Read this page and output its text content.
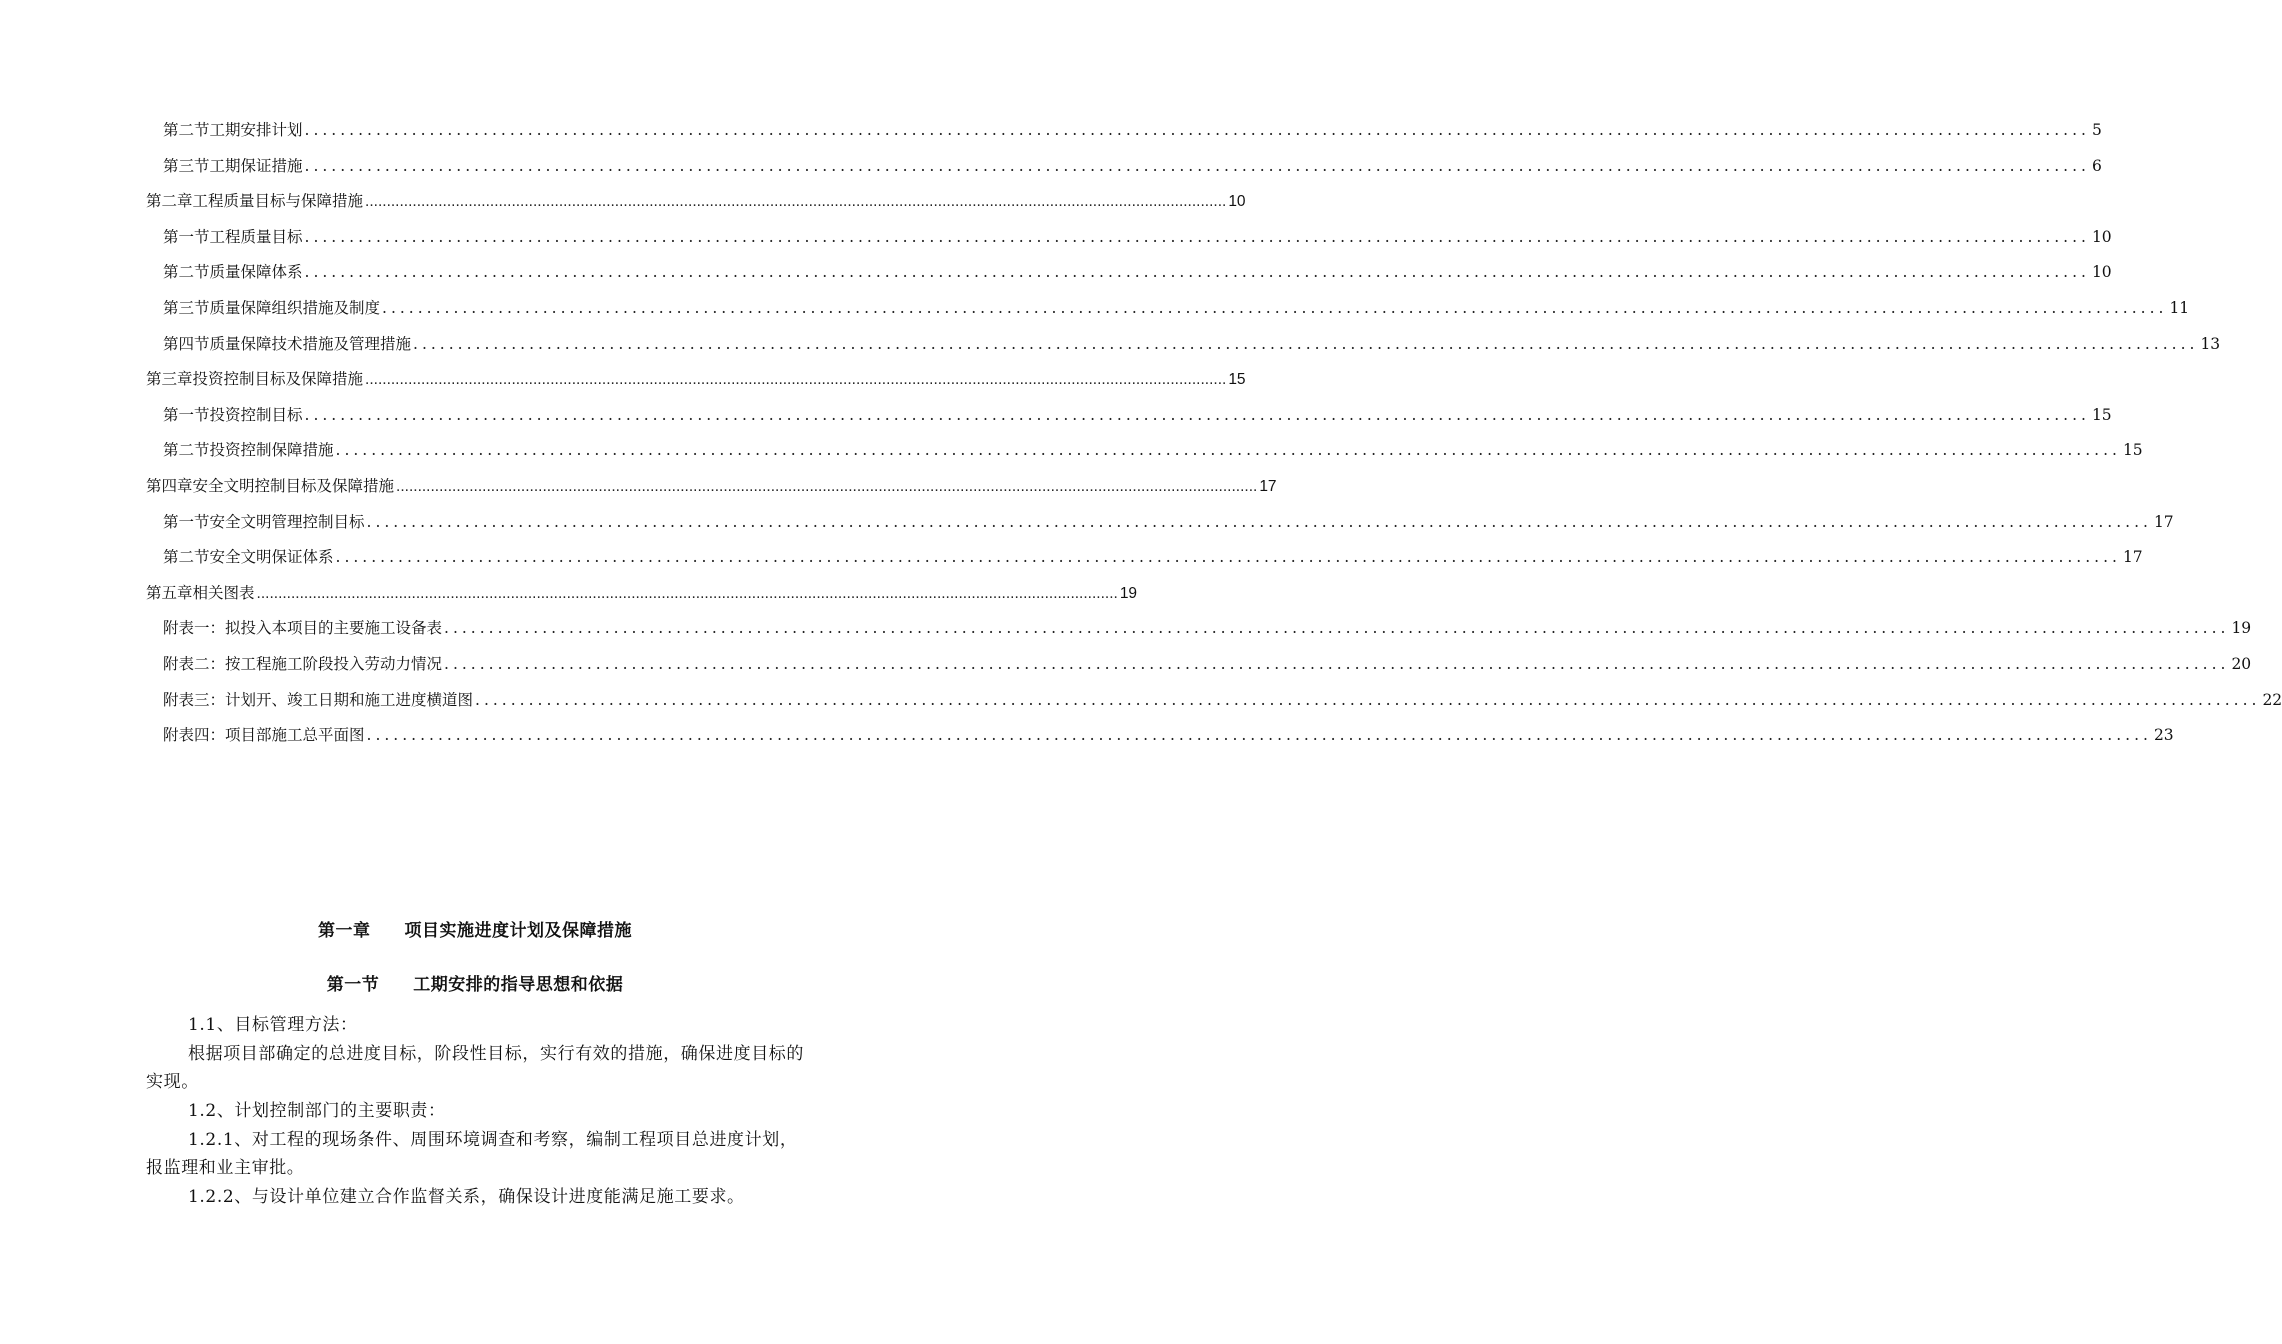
第二节 工期安排计划 ........................................................................................................................................................................................................ 5
第三节 工期保证措施 ........................................................................................................................................................................................................ 6
第二章 工程质量目标与保障措施 ........................................................................................................................................................................................................ 10
第一节 工程质量目标 ........................................................................................................................................................................................................ 10
第二节 质量保障体系 ........................................................................................................................................................................................................ 10
第三节 质量保障组织措施及制度 ........................................................................................................................................................................................................ 11
第四节 质量保障技术措施及管理措施 ........................................................................................................................................................................................................ 13
第三章 投资控制目标及保障措施 ........................................................................................................................................................................................................ 15
第一节 投资控制目标 ........................................................................................................................................................................................................ 15
第二节 投资控制保障措施 ........................................................................................................................................................................................................ 15
第四章 安全文明控制目标及保障措施 ........................................................................................................................................................................................................ 17
第一节 安全文明管理控制目标 ........................................................................................................................................................................................................ 17
第二节 安全文明保证体系 ........................................................................................................................................................................................................ 17
第五章 相关图表 ........................................................................................................................................................................................................ 19
附表一： 拟投入本项目的主要施工设备表 ........................................................................................................................................................................................................ 19
附表二： 按工程施工阶段投入劳动力情况 ........................................................................................................................................................................................................ 20
附表三： 计划开、竣工日期和施工进度横道图 ........................................................................................................................................................................................................ 22
附表四： 项目部施工总平面图 ........................................................................................................................................................................................................ 23
第一章 项目实施进度计划及保障措施
第一节 工期安排的指导思想和依据
1.1、目标管理方法：
根据项目部确定的总进度目标，阶段性目标，实行有效的措施，确保进度目标的实现。
1.2、计划控制部门的主要职责：
1.2.1、对工程的现场条件、周围环境调查和考察，编制工程项目总进度计划，报监理和业主审批。
1.2.2、与设计单位建立合作监督关系，确保设计进度能满足施工要求。
